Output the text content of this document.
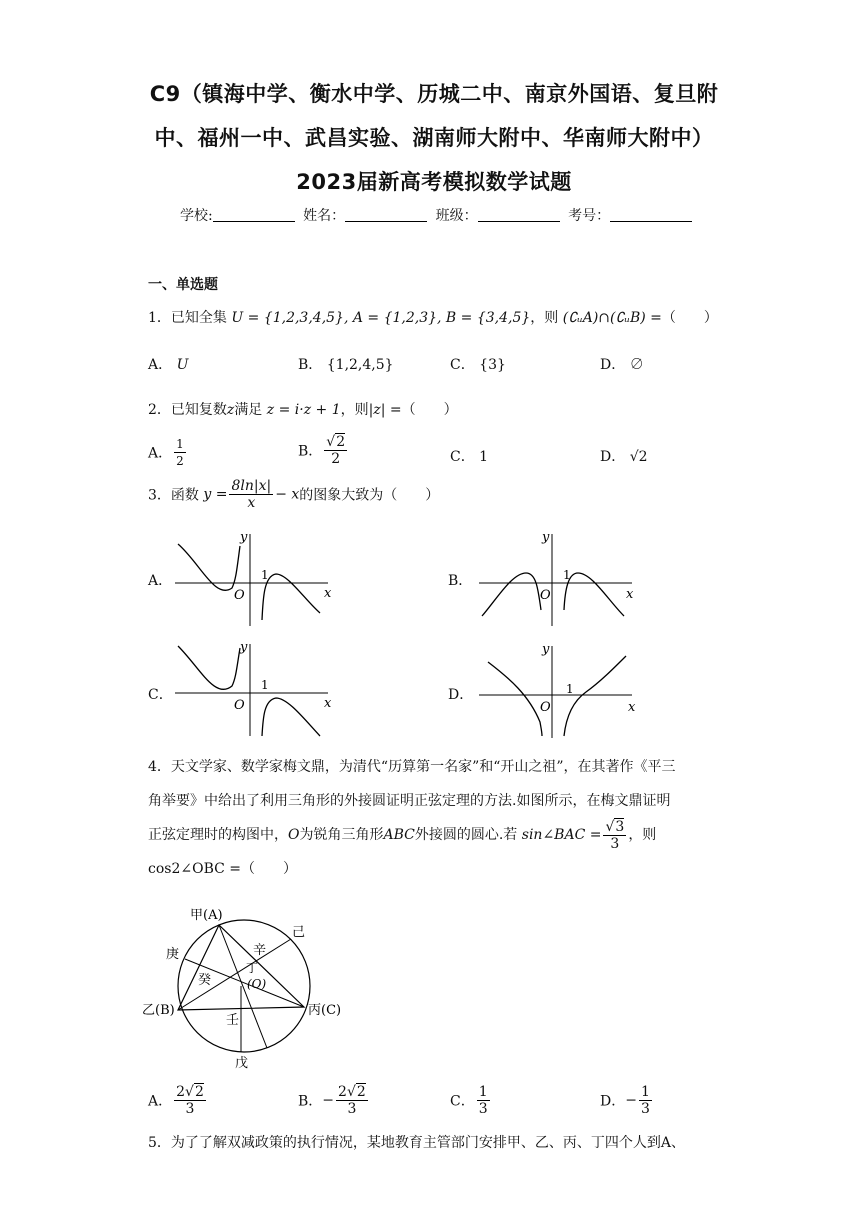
C9（镇海中学、衡水中学、历城二中、南京外国语、复旦附
中、福州一中、武昌实验、湖南师大附中、华南师大附中）
2023届新高考模拟数学试题
学校:	姓名：	班级：	考号：
一、单选题
1．已知全集 U = {1,2,3,4,5}, A = {1,2,3}, B = {3,4,5}，则 (∁ᵤA)∩(∁ᵤB) =（　　）
A． U	B． {1,2,4,5}	C． {3}	D． ∅
2．已知复数z满足 z = i·z + 1，则|z| =（　　）
A． $\frac{1}{2}$	B． $\frac{√2}{2}$	C． 1	D． √2
3．函数 $y = \frac{8\ln|x|}{x} - x$的图象大致为（　　）
A．	B．
C．	D．
y
x
O
1
y
x
O
1
y
x
O
1
y
x
O
1
4．天文学家、数学家梅文鼎，为清代“历算第一名家”和“开山之祖”，在其著作《平三
角举要》中给出了利用三角形的外接圆证明正弦定理的方法.如图所示，在梅文鼎证明
正弦定理时的构图中，O为锐角三角形ABC外接圆的圆心.若 sin∠BAC = $\frac{√3}{3}$ ，则
cos2∠OBC =（　　）
甲(A)
乙(B)	丙(C)
丁
(O)
戊
己
庚	辛
壬
癸
A． $\frac{2√2}{3}$	B．− $\frac{2√2}{3}$	C． $\frac{1}{3}$	D．− $\frac{1}{3}$
5．为了了解双减政策的执行情况，某地教育主管部门安排甲、乙、丙、丁四个人到A、
